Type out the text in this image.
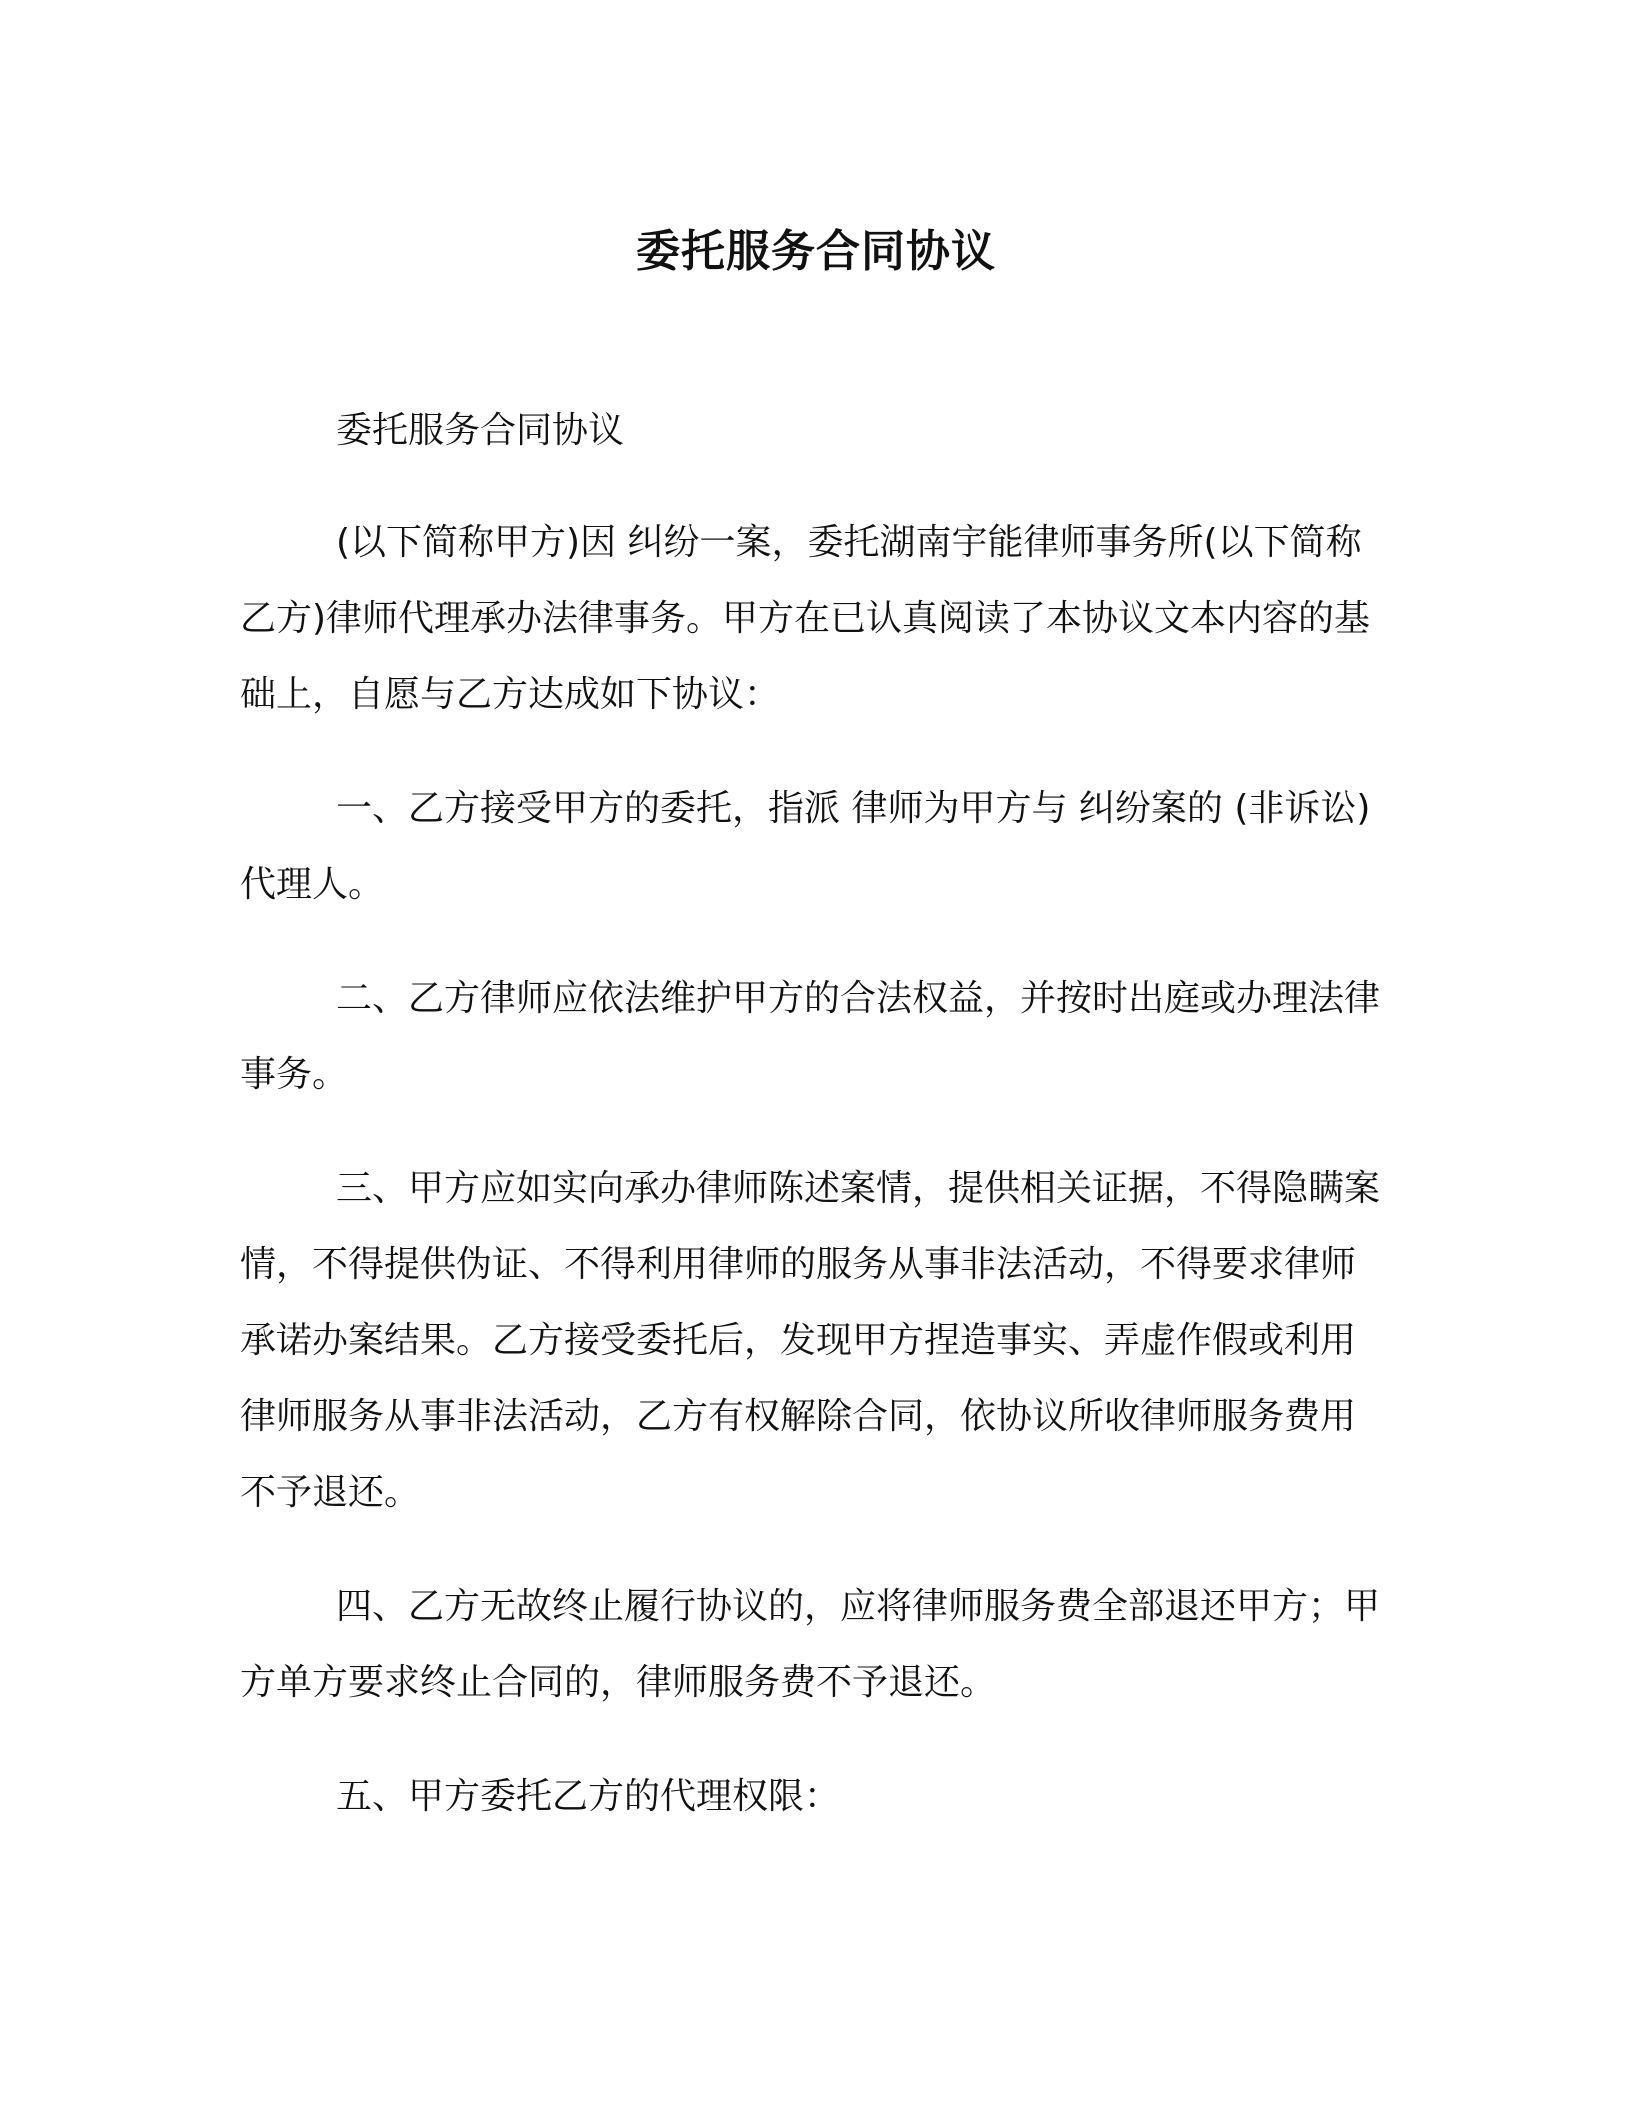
委托服务合同协议

委托服务合同协议

(以下简称甲方)因 纠纷一案，委托湖南宇能律师事务所(以下简称乙方)律师代理承办法律事务。甲方在已认真阅读了本协议文本内容的基础上，自愿与乙方达成如下协议：

一、乙方接受甲方的委托，指派 律师为甲方与 纠纷案的 (非诉讼)代理人。

二、乙方律师应依法维护甲方的合法权益，并按时出庭或办理法律事务。

三、甲方应如实向承办律师陈述案情，提供相关证据，不得隐瞒案情，不得提供伪证、不得利用律师的服务从事非法活动，不得要求律师承诺办案结果。乙方接受委托后，发现甲方捏造事实、弄虚作假或利用律师服务从事非法活动，乙方有权解除合同，依协议所收律师服务费用不予退还。

四、乙方无故终止履行协议的，应将律师服务费全部退还甲方；甲方单方要求终止合同的，律师服务费不予退还。

五、甲方委托乙方的代理权限：
